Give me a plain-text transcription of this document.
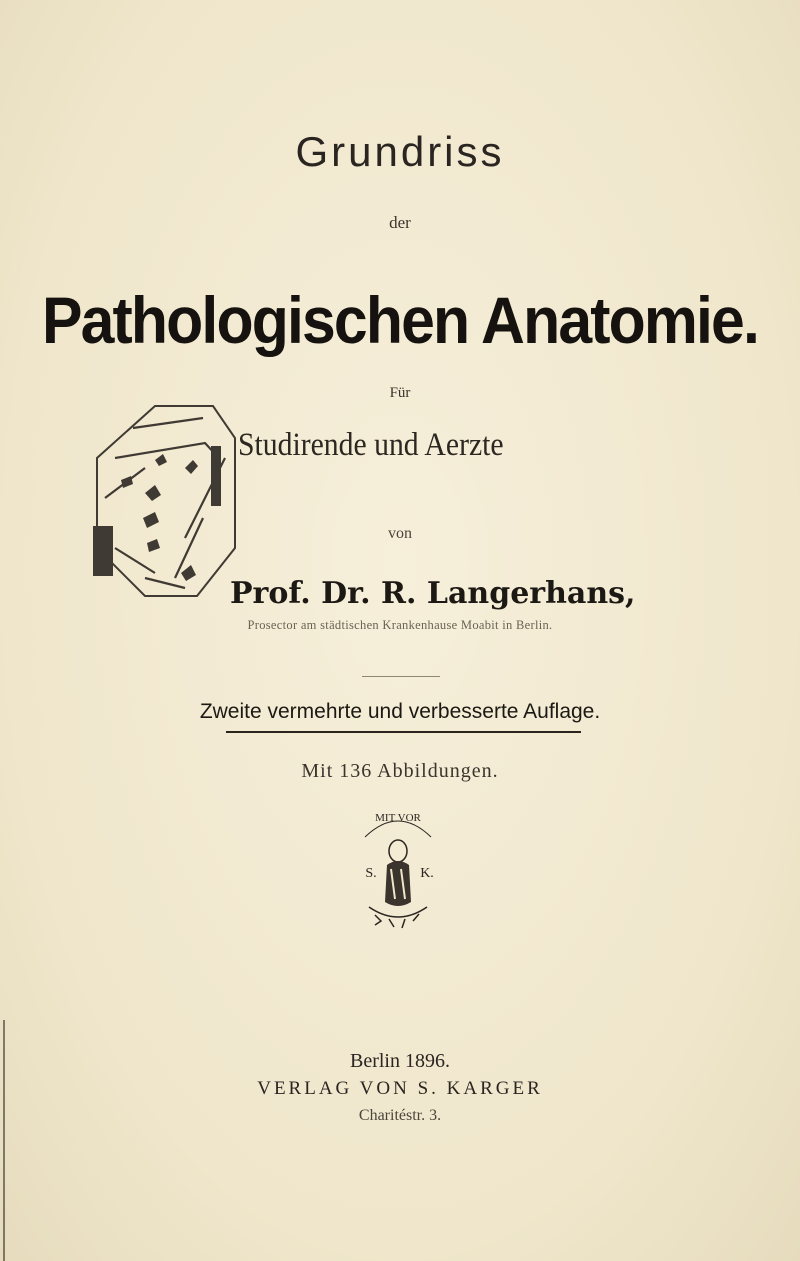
Grundriss
der
Pathologischen Anatomie.
Für
Studirende und Aerzte
von
Prof. Dr. R. Langerhans,
Prosector am städtischen Krankenhause Moabit in Berlin.
Zweite vermehrte und verbesserte Auflage.
Mit 136 Abbildungen.
MIT VOR
S.	K.
Berlin 1896.
VERLAG VON S. KARGER
Charitéstr. 3.
